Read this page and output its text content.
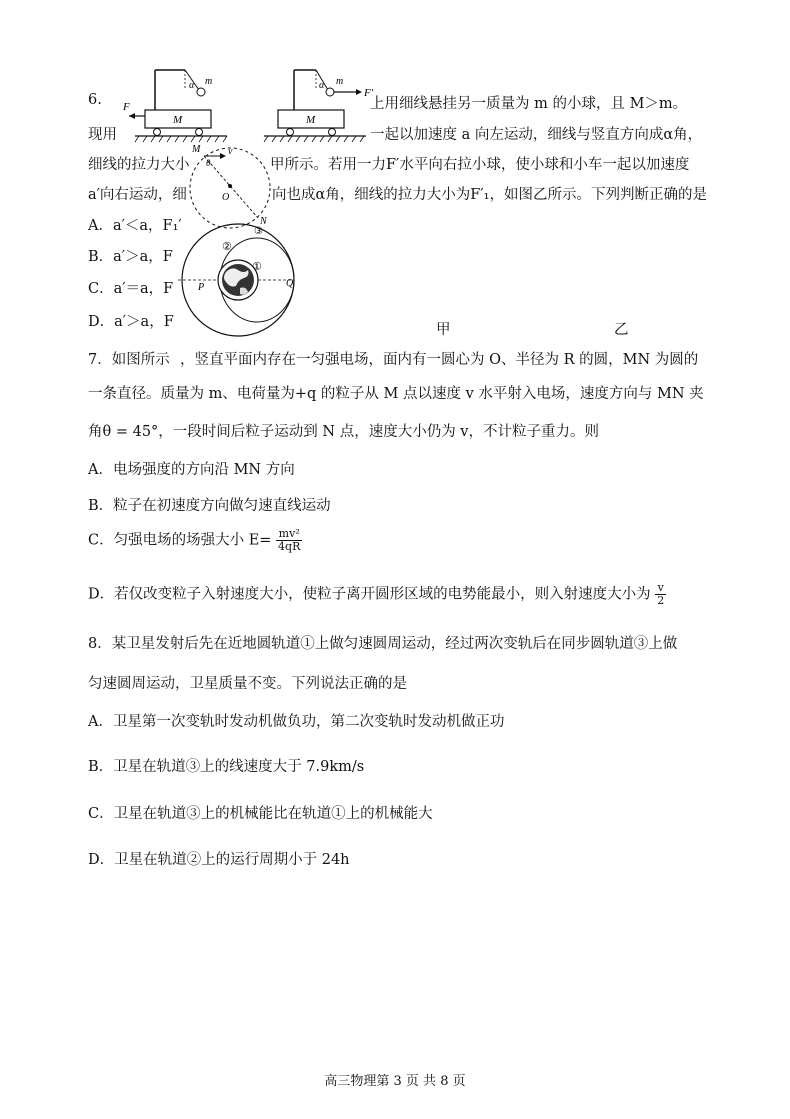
6.	上用细线悬挂另一质量为 m 的小球，且 M＞m。
现用	一起以加速度 a 向左运动，细线与竖直方向成α角，
细线的拉力大小	甲所示。若用一力F′水平向右拉小球，使小球和小车一起以加速度
a′向右运动，细	向也成α角，细线的拉力大小为F′₁，如图乙所示。下列判断正确的是
A．a′＜a，F₁′
B．a′＞a，F
C．a′＝a，F
D．a′＞a，F	甲	乙
α m
M
F
α m
F′
M
O
v
M
θ
N
②
①
③
P	Q
7．如图所示 ，竖直平面内存在一匀强电场，面内有一圆心为 O、半径为 R 的圆，MN 为圆的
一条直径。质量为 m、电荷量为+q 的粒子从 M 点以速度 v 水平射入电场，速度方向与 MN 夹
角θ = 45°，一段时间后粒子运动到 N 点，速度大小仍为 v，不计粒子重力。则
A．电场强度的方向沿 MN 方向
B．粒子在初速度方向做匀速直线运动
C．匀强电场的场强大小 $E= \frac{\text{mv²}}{4qR}$
D．若仅改变粒子入射速度大小，使粒子离开圆形区域的电势能最小，则入射速度大小为 $\frac{v}{2}$
8．某卫星发射后先在近地圆轨道①上做匀速圆周运动，经过两次变轨后在同步圆轨道③上做
匀速圆周运动，卫星质量不变。下列说法正确的是
A．卫星第一次变轨时发动机做负功，第二次变轨时发动机做正功
B．卫星在轨道③上的线速度大于 7.9km/s
C．卫星在轨道③上的机械能比在轨道①上的机械能大
D．卫星在轨道②上的运行周期小于 24h
高三物理第 3 页 共 8 页
